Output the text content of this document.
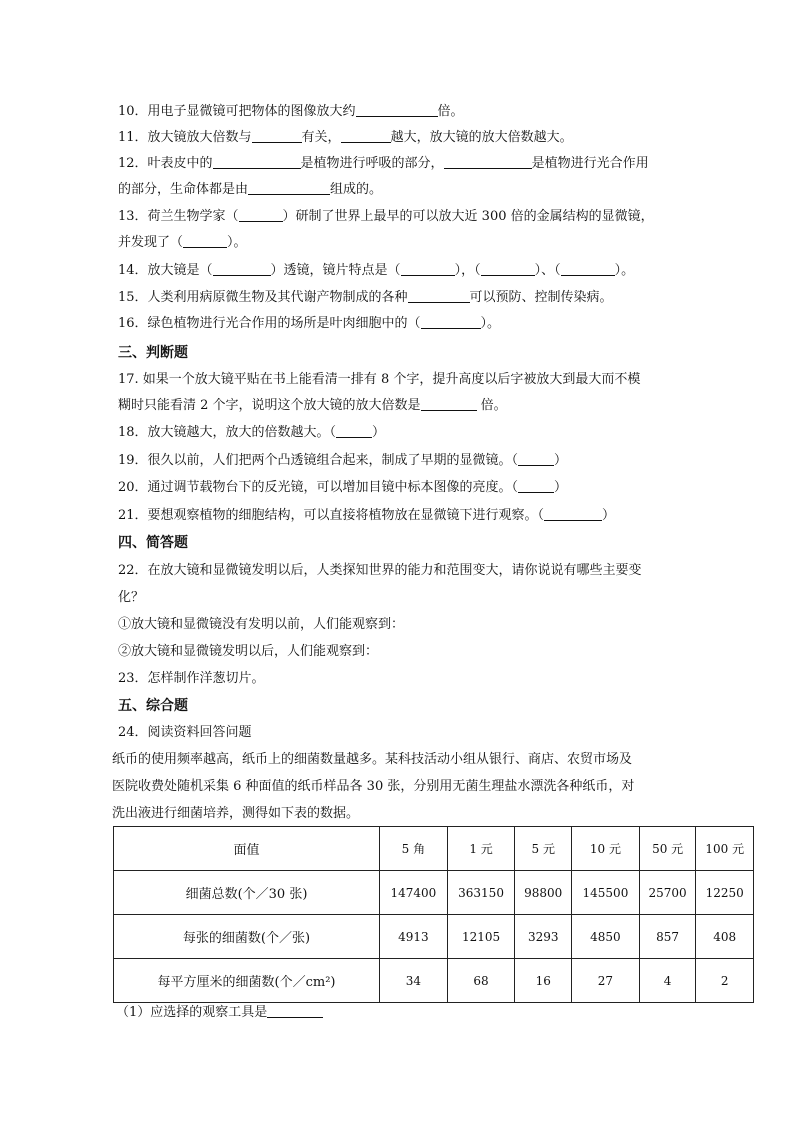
10．用电子显微镜可把物体的图像放大约	倍。
11．放大镜放大倍数与	有关，	越大，放大镜的放大倍数越大。
12．叶表皮中的	是植物进行呼吸的部分，	是植物进行光合作用
的部分，生命体都是由	组成的。
13．荷兰生物学家（	）研制了世界上最早的可以放大近 300 倍的金属结构的显微镜，
并发现了（	）。
14．放大镜是（	）透镜，镜片特点是（	），（	）、（	）。
15．人类利用病原微生物及其代谢产物制成的各种	可以预防、控制传染病。
16．绿色植物进行光合作用的场所是叶肉细胞中的（	）。
三、判断题
17. 如果一个放大镜平贴在书上能看清一排有 8 个字，提升高度以后字被放大到最大而不模
糊时只能看清 2 个字，说明这个放大镜的放大倍数是	倍。
18．放大镜越大，放大的倍数越大。（	）
19．很久以前，人们把两个凸透镜组合起来，制成了早期的显微镜。（	）
20．通过调节载物台下的反光镜，可以增加目镜中标本图像的亮度。（	）
21．要想观察植物的细胞结构，可以直接将植物放在显微镜下进行观察。（	）
四、简答题
22．在放大镜和显微镜发明以后，人类探知世界的能力和范围变大，请你说说有哪些主要变
化？
①放大镜和显微镜没有发明以前，人们能观察到：
②放大镜和显微镜发明以后，人们能观察到：
23．怎样制作洋葱切片。
五、综合题
24．阅读资料回答问题
纸币的使用频率越高，纸币上的细菌数量越多。某科技活动小组从银行、商店、农贸市场及
医院收费处随机采集 6 种面值的纸币样品各 30 张，分别用无菌生理盐水漂洗各种纸币，对
洗出液进行细菌培养，测得如下表的数据。
面值	5 角	1 元	5 元	10 元	50 元	100 元
细菌总数(个／30 张)	147400	363150	98800	145500	25700	12250
每张的细菌数(个／张)	4913	12105	3293	4850	857	408
每平方厘米的细菌数(个／cm²)	34	68	16	27	4	2
（1）应选择的观察工具是
